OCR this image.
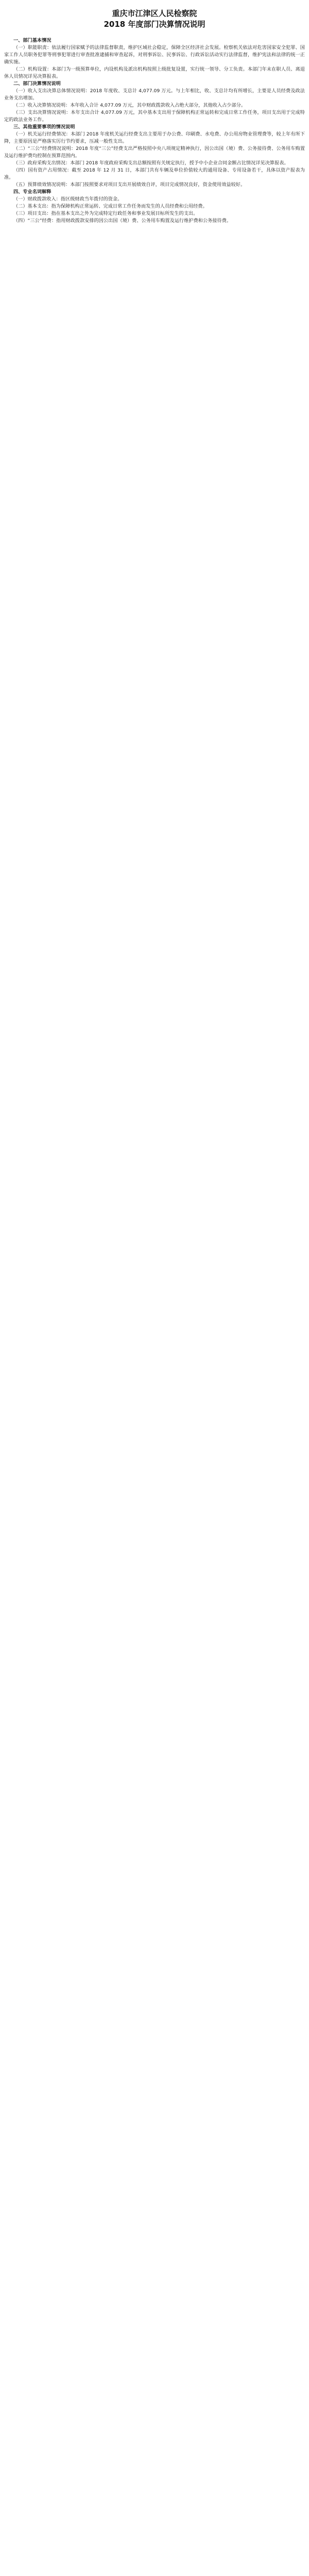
重庆市江津区人民检察院
2018 年度部门决算情况说明

一、部门基本情况

（一）职能职责：依法履行国家赋予的法律监督职责，维护区域社会稳定，保障全区经济社会发展。检察机关依法对危害国家安全犯罪、国家工作人员职务犯罪等刑事犯罪进行审查批准逮捕和审查起诉，对刑事诉讼、民事诉讼、行政诉讼活动实行法律监督，维护宪法和法律的统一正确实施。

（二）机构设置：本部门为一级预算单位，内设机构及派出机构按照上级批复设置，实行统一领导、分工负责。本部门年末在职人员、离退休人员情况详见决算报表。

二、部门决算情况说明

（一）收入支出决算总体情况说明：2018 年度收、支总计 4,077.09 万元。与上年相比，收、支总计均有所增长，主要是人员经费及政法业务支出增加。

（二）收入决算情况说明：本年收入合计 4,077.09 万元，其中财政拨款收入占绝大部分，其他收入占少部分。

（三）支出决算情况说明：本年支出合计 4,077.09 万元，其中基本支出用于保障机构正常运转和完成日常工作任务，项目支出用于完成特定的政法业务工作。

三、其他重要事项的情况说明

（一）机关运行经费情况：本部门 2018 年度机关运行经费支出主要用于办公费、印刷费、水电费、办公用房物业管理费等，较上年有所下降，主要原因是严格落实厉行节约要求，压减一般性支出。

（二）“三公”经费情况说明：2018 年度“三公”经费支出严格按照中央八项规定精神执行，因公出国（境）费、公务接待费、公务用车购置及运行维护费均控制在预算范围内。

（三）政府采购支出情况：本部门 2018 年度政府采购支出总额按照有关规定执行，授予中小企业合同金额占比情况详见决算报表。

（四）国有资产占用情况：截至 2018 年 12 月 31 日，本部门共有车辆及单位价值较大的通用设备、专用设备若干，具体以资产报表为准。

（五）预算绩效情况说明：本部门按照要求对项目支出开展绩效自评，项目完成情况良好，资金使用效益较好。

四、专业名词解释

（一）财政拨款收入：指区级财政当年拨付的资金。

（二）基本支出：指为保障机构正常运转、完成日常工作任务而发生的人员经费和公用经费。

（三）项目支出：指在基本支出之外为完成特定行政任务和事业发展目标所发生的支出。

（四）“三公”经费：指用财政拨款安排的因公出国（境）费、公务用车购置及运行维护费和公务接待费。
